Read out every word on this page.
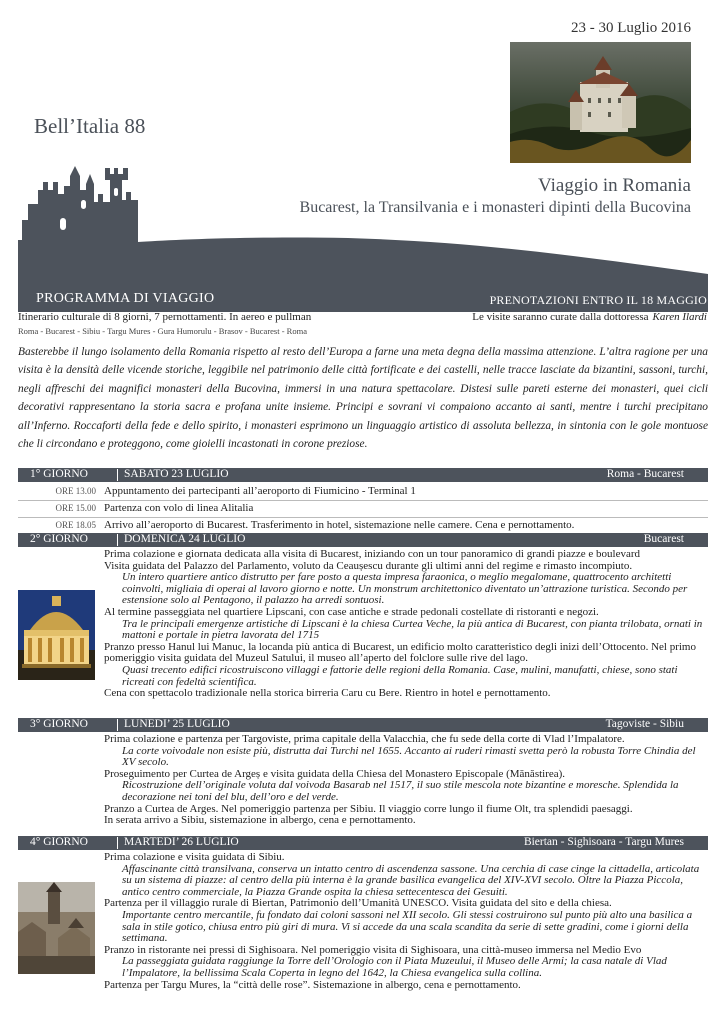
23 - 30 Luglio 2016
Bell’Italia 88
Viaggio in Romania
Bucarest, la Transilvania e i monasteri dipinti della Bucovina
PROGRAMMA DI VIAGGIO	PRENOTAZIONI ENTRO IL 18 MAGGIO
Itinerario culturale di 8 giorni, 7 pernottamenti. In aereo e pullman
Roma - Bucarest - Sibiu - Targu Mures - Gura Humorulu - Brasov - Bucarest - Roma
Le visite saranno curate dalla dottoressa Karen Ilardi
Basterebbe il lungo isolamento della Romania rispetto al resto dell’Europa a farne una meta degna della massima attenzione. L’altra ragione per una visita è la densità delle vicende storiche, leggibile nel patrimonio delle città fortificate e dei castelli, nelle tracce lasciate da bizantini, sassoni, turchi, negli affreschi dei magnifici monasteri della Bucovina, immersi in una natura spettacolare. Distesi sulle pareti esterne dei monasteri, quei cicli decorativi rappresentano la storia sacra e profana unite insieme. Principi e sovrani vi compaiono accanto ai santi, mentre i turchi precipitano all’Inferno. Roccaforti della fede e dello spirito, i monasteri esprimono un linguaggio artistico di assoluta bellezza, in sintonia con le gole montuose che li circondano e proteggono, come gioielli incastonati in corone preziose.
1° GIORNO	SABATO 23 LUGLIO	Roma - Bucarest
ORE 13.00 Appuntamento dei partecipanti all’aeroporto di Fiumicino - Terminal 1
ORE 15.00 Partenza con volo di linea Alitalia
ORE 18.05 Arrivo all’aeroporto di Bucarest. Trasferimento in hotel, sistemazione nelle camere. Cena e pernottamento.
2° GIORNO	DOMENICA 24 LUGLIO	Bucarest

Prima colazione e giornata dedicata alla visita di Bucarest, iniziando con un tour panoramico di grandi piazze e boulevard

Visita guidata del Palazzo del Parlamento, voluto da Ceaușescu durante gli ultimi anni del regime e rimasto incompiuto.

Un intero quartiere antico distrutto per fare posto a questa impresa faraonica, o meglio megalomane, quattrocento architetti coinvolti, migliaia di operai al lavoro giorno e notte. Un monstrum architettonico diventato un’attrazione turistica. Secondo per estensione solo al Pentagono, il palazzo ha arredi sontuosi.

Al termine passeggiata nel quartiere Lipscani, con case antiche e strade pedonali costellate di ristoranti e negozi.

Tra le principali emergenze artistiche di Lipscani è la chiesa Curtea Veche, la più antica di Bucarest, con pianta trilobata, ornati in mattoni e portale in pietra lavorata del 1715

Pranzo presso Hanul lui Manuc, la locanda più antica di Bucarest, un edificio molto caratteristico degli inizi dell’Ottocento. Nel primo pomeriggio visita guidata del Muzeul Satului, il museo all’aperto del folclore sulle rive del lago.

Quasi trecento edifici ricostruiscono villaggi e fattorie delle regioni della Romania. Case, mulini, manufatti, chiese, sono stati ricreati con fedeltà scientifica.

Cena con spettacolo tradizionale nella storica birreria Caru cu Bere. Rientro in hotel e pernottamento.

3° GIORNO	LUNEDI’ 25 LUGLIO	Tagoviste - Sibiu

Prima colazione e partenza per Targoviste, prima capitale della Valacchia, che fu sede della corte di Vlad l’Impalatore.

La corte voivodale non esiste più, distrutta dai Turchi nel 1655. Accanto ai ruderi rimasti svetta però la robusta Torre Chindia del XV secolo.

Proseguimento per Curtea de Argeș e visita guidata della Chiesa del Monastero Episcopale (Mănăstirea).

Ricostruzione dell’originale voluta dal voivoda Basarab nel 1517, il suo stile mescola note bizantine e moresche. Splendida la decorazione nei toni del blu, dell’oro e del verde.

Pranzo a Curtea de Arges. Nel pomeriggio partenza per Sibiu. Il viaggio corre lungo il fiume Olt, tra splendidi paesaggi.

In serata arrivo a Sibiu, sistemazione in albergo, cena e pernottamento.

4° GIORNO	MARTEDI’ 26 LUGLIO	Biertan - Sighisoara - Targu Mures

Prima colazione e visita guidata di Sibiu.

Affascinante città transilvana, conserva un intatto centro di ascendenza sassone. Una cerchia di case cinge la cittadella, articolata su un sistema di piazze: al centro della più interna è la grande basilica evangelica del XIV-XVI secolo. Oltre la Piazza Piccola, antico centro commerciale, la Piazza Grande ospita la chiesa settecentesca dei Gesuiti.

Partenza per il villaggio rurale di Biertan, Patrimonio dell’Umanità UNESCO. Visita guidata del sito e della chiesa.

Importante centro mercantile, fu fondato dai coloni sassoni nel XII secolo. Gli stessi costruirono sul punto più alto una basilica a sala in stile gotico, chiusa entro più giri di mura. Vi si accede da una scala scandita da serie di sette gradini, come i giorni della settimana.

Pranzo in ristorante nei pressi di Sighisoara. Nel pomeriggio visita di Sighisoara, una città-museo immersa nel Medio Evo

La passeggiata guidata raggiunge la Torre dell’Orologio con il Piata Muzeului, il Museo delle Armi; la casa natale di Vlad l’Impalatore, la bellissima Scala Coperta in legno del 1642, la Chiesa evangelica sulla collina.

Partenza per Targu Mures, la “città delle rose”. Sistemazione in albergo, cena e pernottamento.
